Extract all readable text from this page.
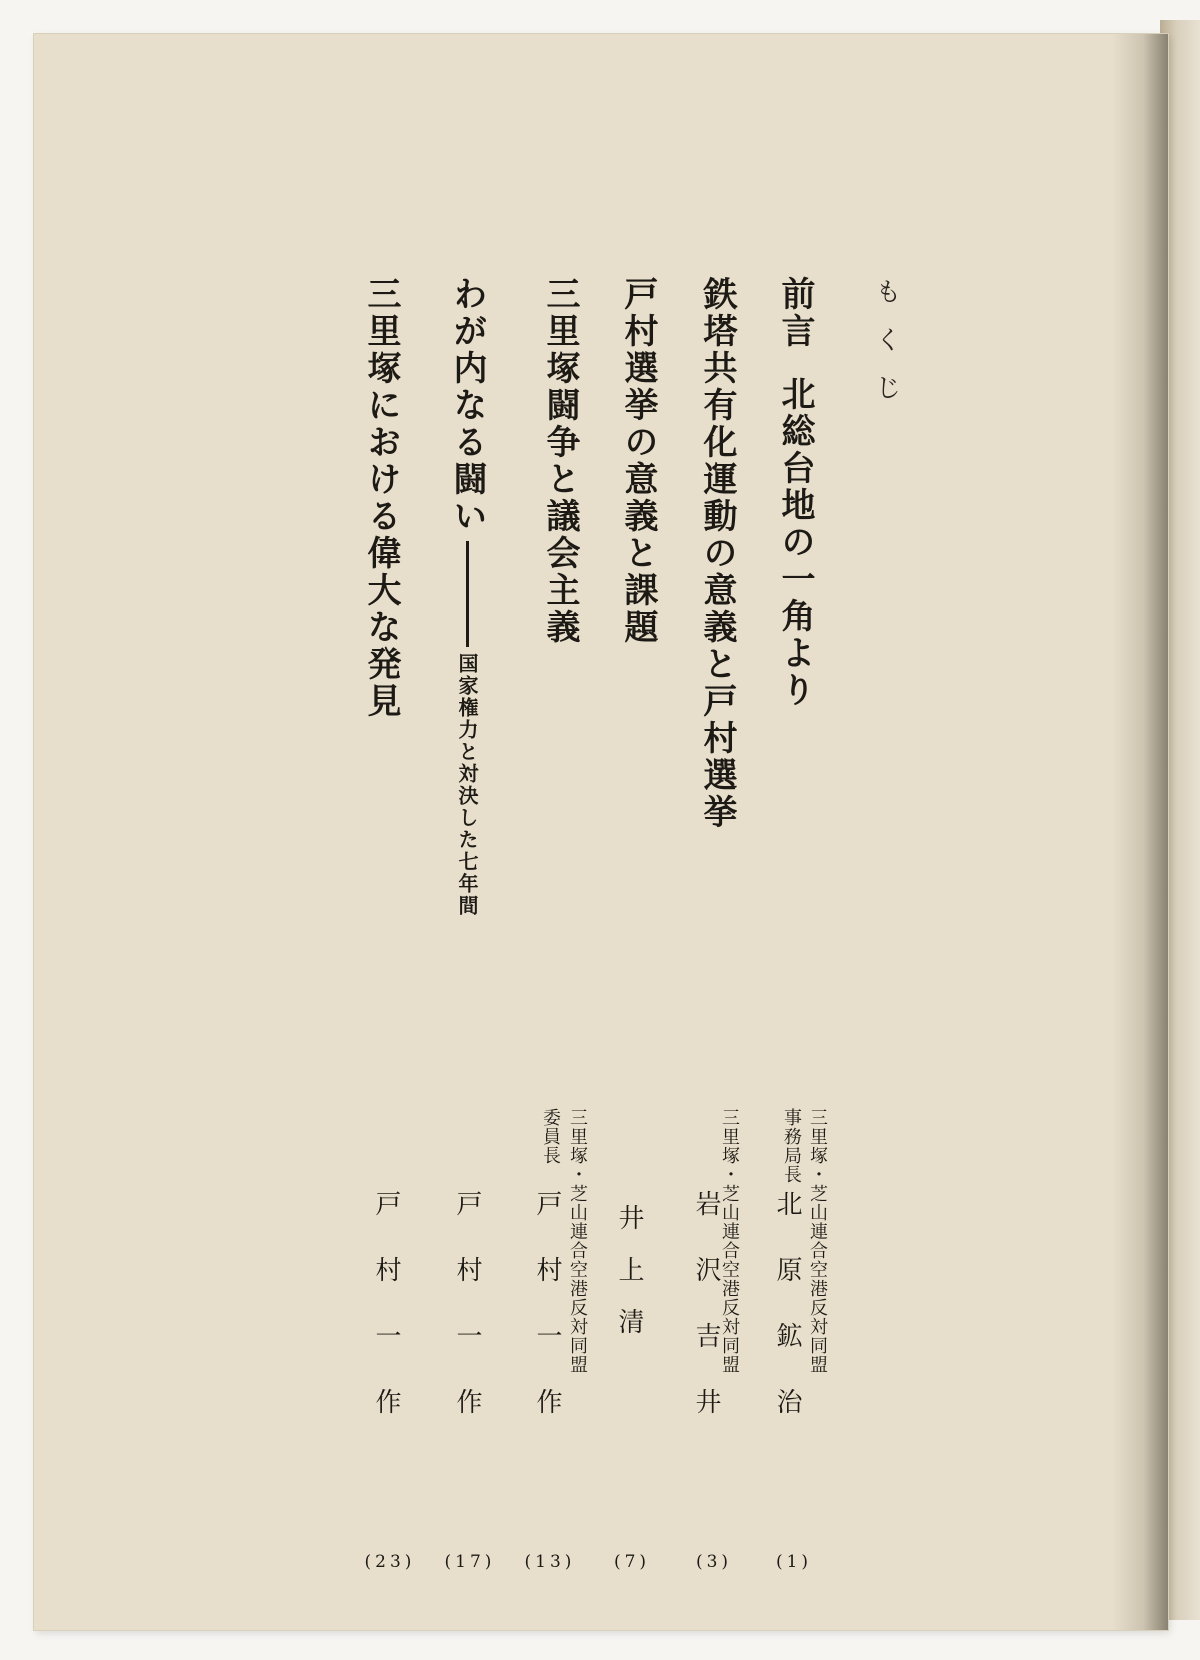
もくじ
前言北総台地の一角より
鉄塔共有化運動の意義と戸村選挙
戸村選挙の意義と課題
三里塚闘争と議会主義
わが内なる闘い国家権力と対決した七年間
三里塚における偉大な発見
三里塚・芝山連合空港反対同盟
事務局長
北原鉱治
(1)
三里塚・芝山連合空港反対同盟
岩沢吉井
(3)
井上清
(7)
三里塚・芝山連合空港反対同盟
委員長
戸村一作
(13)
戸村一作
(17)
戸村一作
(23)
